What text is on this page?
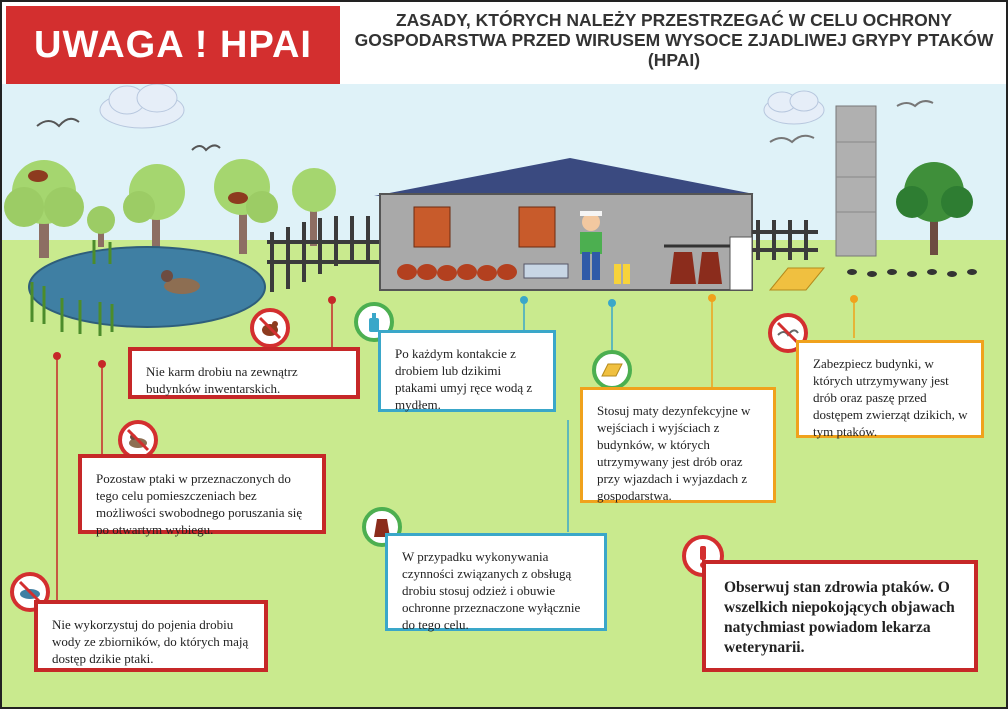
UWAGA ! HPAI
ZASADY, KTÓRYCH NALEŻY PRZESTRZEGAĆ W CELU OCHRONY GOSPODARSTWA PRZED WIRUSEM WYSOCE ZJADLIWEJ GRYPY PTAKÓW (HPAI)
Nie karm drobiu na zewnątrz budynków inwentarskich.
Po każdym kontakcie z drobiem lub dzikimi ptakami umyj ręce wodą z mydłem.	Stosuj maty dezynfekcyjne w wejściach i wyjściach z budynków, w których utrzymywany jest drób oraz przy wjazdach i wyjazdach z gospodarstwa.
Zabezpiecz budynki, w których utrzymywany jest drób oraz paszę przed dostępem zwierząt dzikich, w tym ptaków.
Pozostaw ptaki w przeznaczonych do tego celu pomieszczeniach bez możliwości swobodnego poruszania się po otwartym wybiegu.
W przypadku wykonywania czynności związanych z obsługą drobiu stosuj odzież i obuwie ochronne przeznaczone wyłącznie do tego celu.
Nie wykorzystuj do pojenia drobiu wody ze zbiorników, do których mają dostęp dzikie ptaki.
Obserwuj stan zdrowia ptaków. O wszelkich niepokojących objawach natychmiast powiadom lekarza weterynarii.
